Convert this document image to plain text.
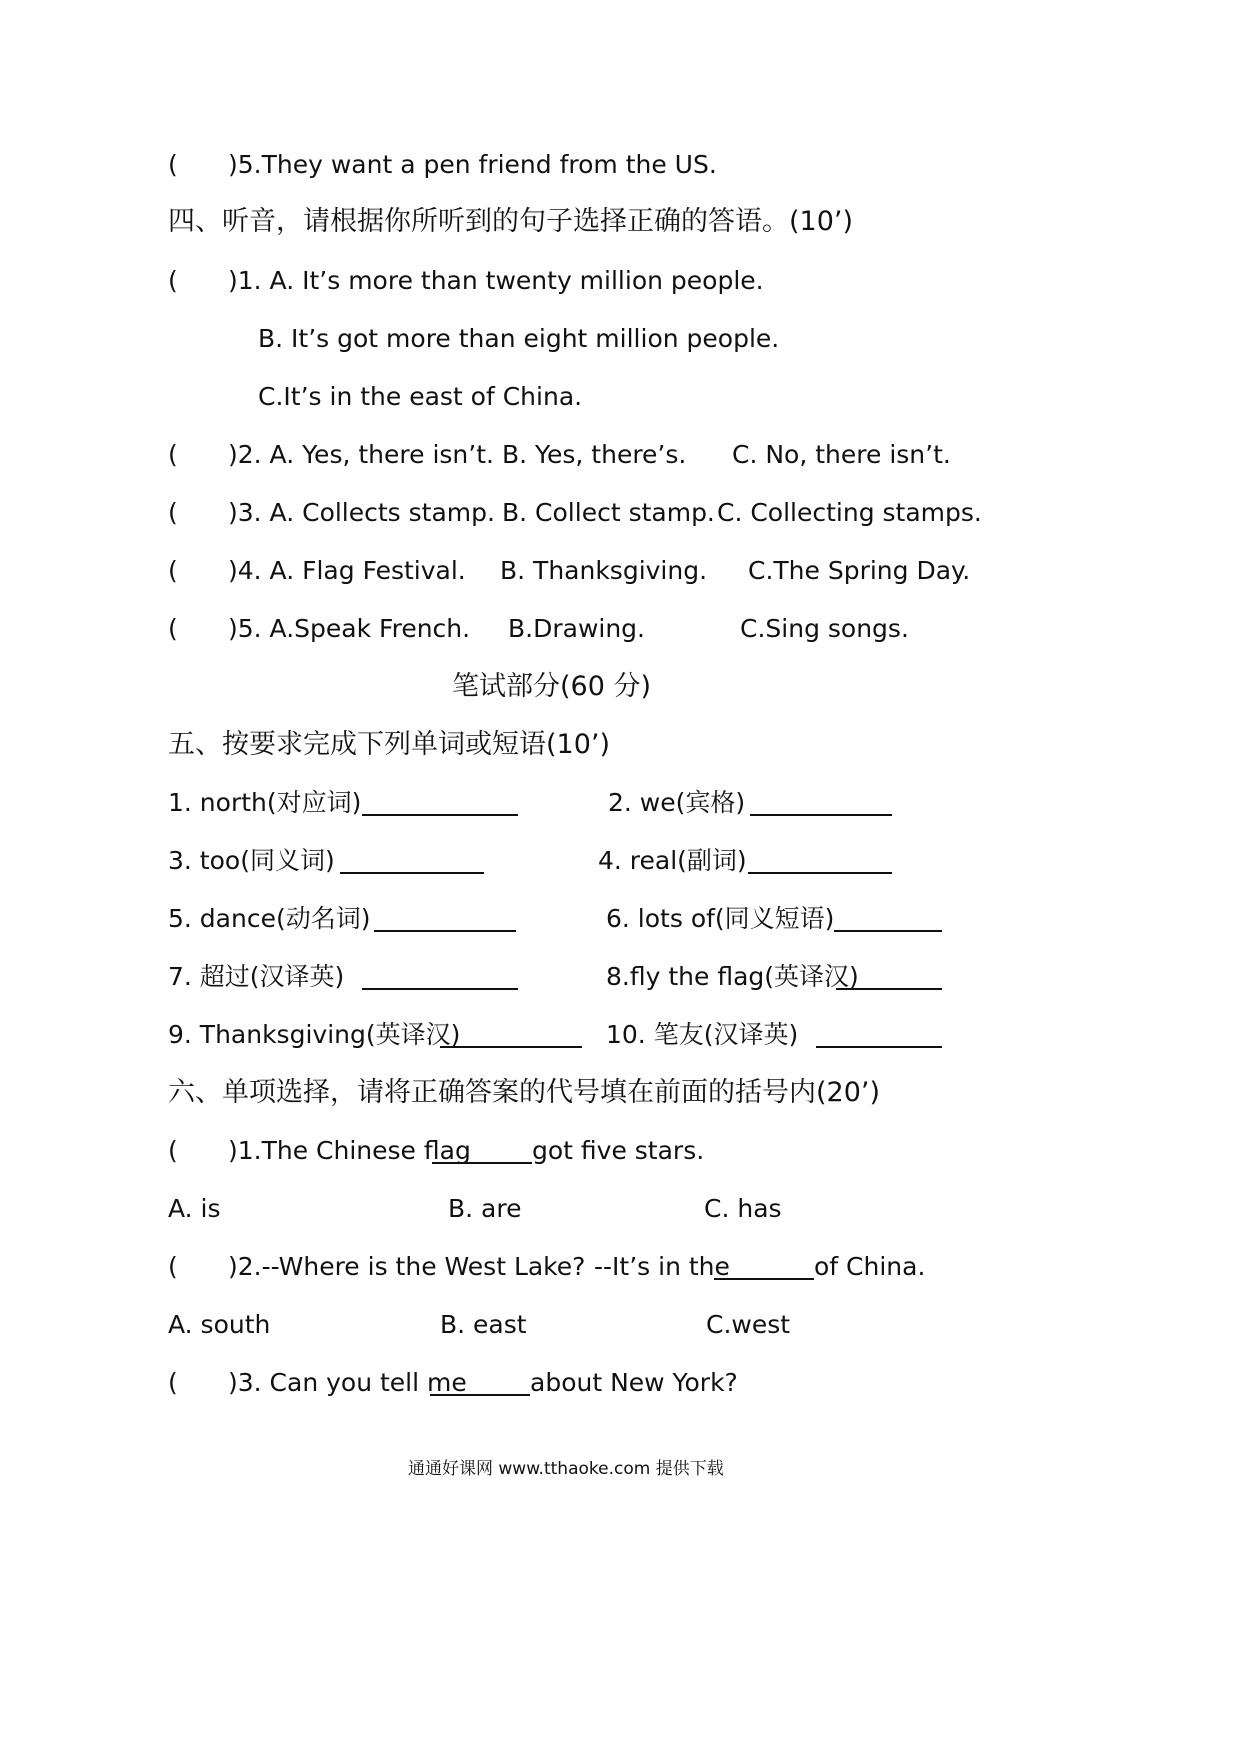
( )5.They want a pen friend from the US.
四、听音，请根据你所听到的句子选择正确的答语。(10’)
( )1. A. It’s more than twenty million people.
B. It’s got more than eight million people.
C.It’s in the east of China.
( )2. A. Yes, there isn’t. B. Yes, there’s. C. No, there isn’t.
( )3. A. Collects stamp. B. Collect stamp. C. Collecting stamps.
( )4. A. Flag Festival. B. Thanksgiving. C.The Spring Day.
( )5. A.Speak French. B.Drawing.	C.Sing songs.
笔试部分(60 分)
五、按要求完成下列单词或短语(10’)
1. north(对应词)	2. we(宾格)
3. too(同义词)	4. real(副词)
5. dance(动名词)	6. lots of(同义短语)
7. 超过(汉译英)	8.fly the flag(英译汉)
9. Thanksgiving(英译汉)	10. 笔友(汉译英)
六、单项选择，请将正确答案的代号填在前面的括号内(20’)
( )1.The Chinese flag got five stars.
A. is	B. are	C. has
( )2.--Where is the West Lake? --It’s in the	of China.
A. south	B. east	C.west
( )3. Can you tell me	about New York?
通通好课网 www.tthaoke.com 提供下载
